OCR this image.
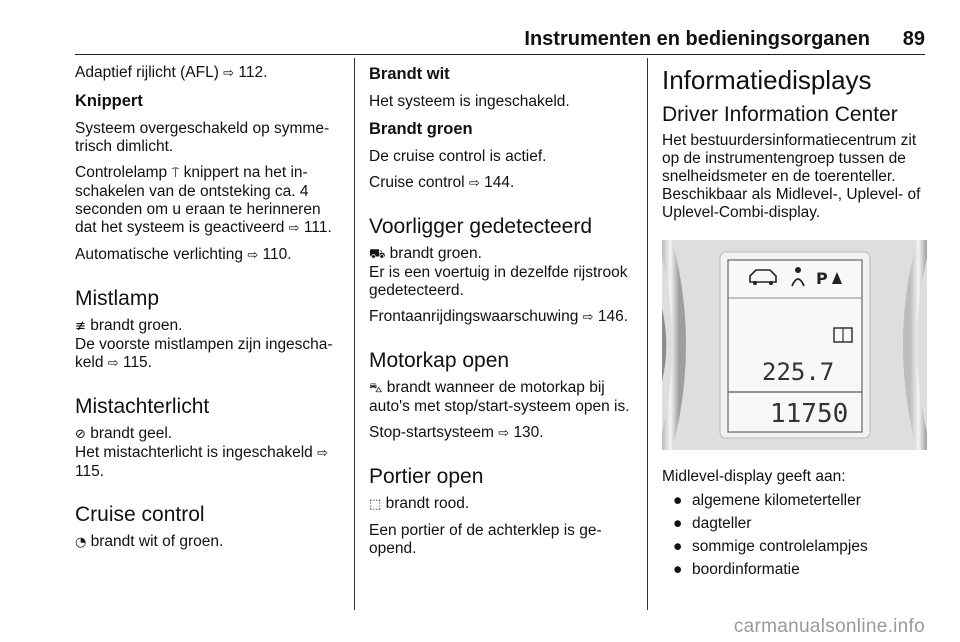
Instrumenten en bedieningsorganen 89

Adaptief rijlicht (AFL) ⇨ 112.

Knippert

Systeem overgeschakeld op symme-trisch dimlicht.

Controlelamp ⍑ knippert na het in-schakelen van de ontsteking ca. 4 seconden om u eraan te herinneren dat het systeem is geactiveerd ⇨ 111.

Automatische verlichting ⇨ 110.

Mistlamp

≢ brandt groen.

De voorste mistlampen zijn ingescha-keld ⇨ 115.

Mistachterlicht

⊘ brandt geel.

Het mistachterlicht is ingeschakeld ⇨ 115.

Cruise control

◔ brandt wit of groen.

Brandt wit

Het systeem is ingeschakeld.

Brandt groen

De cruise control is actief.

Cruise control ⇨ 144.

Voorligger gedetecteerd

⛟ brandt groen.

Er is een voertuig in dezelfde rijstrook gedetecteerd.

Frontaanrijdingswaarschuwing ⇨ 146.

Motorkap open

⛍ brandt wanneer de motorkap bij auto's met stop/start-systeem open is.

Stop-startsysteem ⇨ 130.

Portier open

⬚ brandt rood.

Een portier of de achterklep is ge-opend.

Informatiedisplays
Driver Information Center

Het bestuurdersinformatiecentrum zit op de instrumentengroep tussen de snelheidsmeter en de toerenteller. Beschikbaar als Midlevel-, Uplevel- of Uplevel-Combi-display.

P
225.7
11750

Midlevel-display geeft aan:

● algemene kilometerteller
● dagteller
● sommige controlelampjes
● boordinformatie
carmanualsonline.info
